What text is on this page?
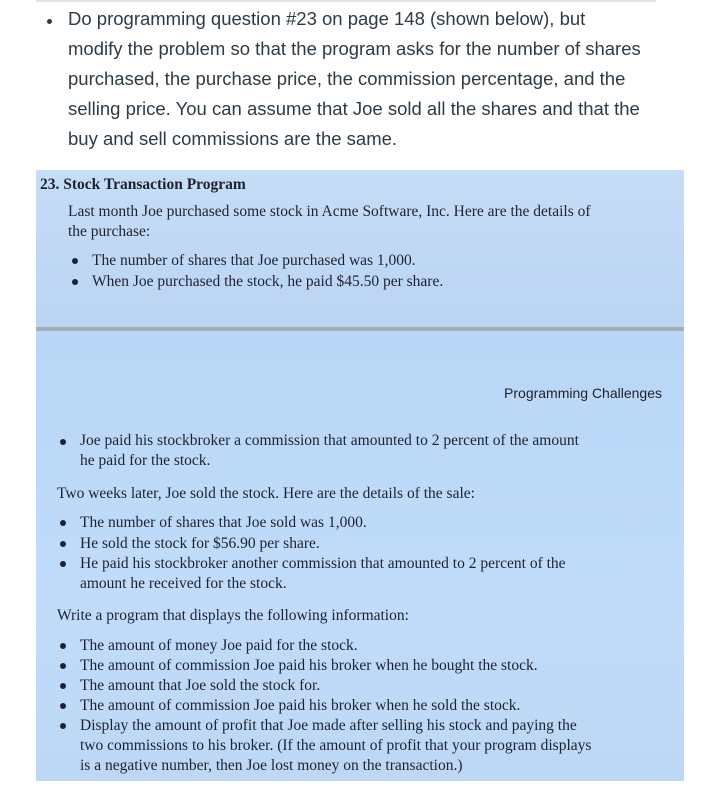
Do programming question #23 on page 148 (shown below), but
modify the problem so that the program asks for the number of shares
purchased, the purchase price, the commission percentage, and the
selling price. You can assume that Joe sold all the shares and that the
buy and sell commissions are the same.
23. Stock Transaction Program
Last month Joe purchased some stock in Acme Software, Inc. Here are the details of
the purchase:
The number of shares that Joe purchased was 1,000.
When Joe purchased the stock, he paid $45.50 per share.
Programming Challenges
Joe paid his stockbroker a commission that amounted to 2 percent of the amount
he paid for the stock.
Two weeks later, Joe sold the stock. Here are the details of the sale:
The number of shares that Joe sold was 1,000.
He sold the stock for $56.90 per share.
He paid his stockbroker another commission that amounted to 2 percent of the
amount he received for the stock.
Write a program that displays the following information:
The amount of money Joe paid for the stock.
The amount of commission Joe paid his broker when he bought the stock.
The amount that Joe sold the stock for.
The amount of commission Joe paid his broker when he sold the stock.
Display the amount of profit that Joe made after selling his stock and paying the
two commissions to his broker. (If the amount of profit that your program displays
is a negative number, then Joe lost money on the transaction.)
